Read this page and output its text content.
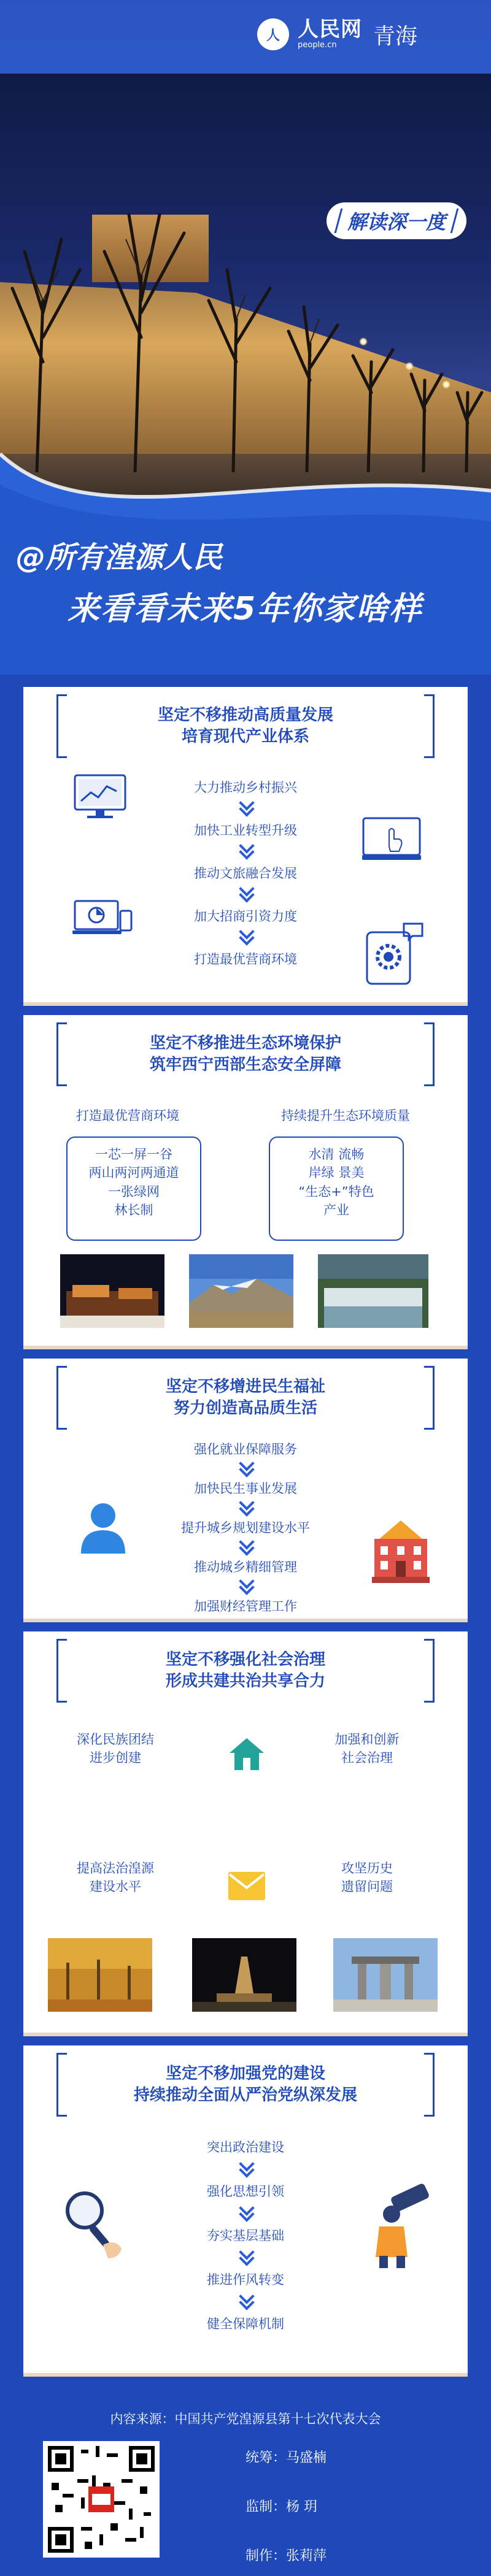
人 人民网
people.cn	青海
解读深一度
@所有湟源人民
来看看未来5年你家啥样
坚定不移推动高质量发展
培育现代产业体系
大力推动乡村振兴
加快工业转型升级
推动文旅融合发展
加大招商引资力度
打造最优营商环境
坚定不移推进生态环境保护
筑牢西宁西部生态安全屏障
打造最优营商环境	持续提升生态环境质量
一芯一屏一谷
两山两河两通道
一张绿网
林长制
水清 流畅
岸绿 景美
“生态+”特色
产业
坚定不移增进民生福祉
努力创造高品质生活
强化就业保障服务
加快民生事业发展
提升城乡规划建设水平
推动城乡精细管理
加强财经管理工作
坚定不移强化社会治理
形成共建共治共享合力
深化民族团结
进步创建
加强和创新
社会治理
提高法治湟源
建设水平
攻坚历史
遗留问题
坚定不移加强党的建设
持续推动全面从严治党纵深发展
突出政治建设
强化思想引领
夯实基层基础
推进作风转变
健全保障机制
内容来源：中国共产党湟源县第十七次代表大会
统筹：马盛楠
监制：杨 玥
制作：张莉萍
